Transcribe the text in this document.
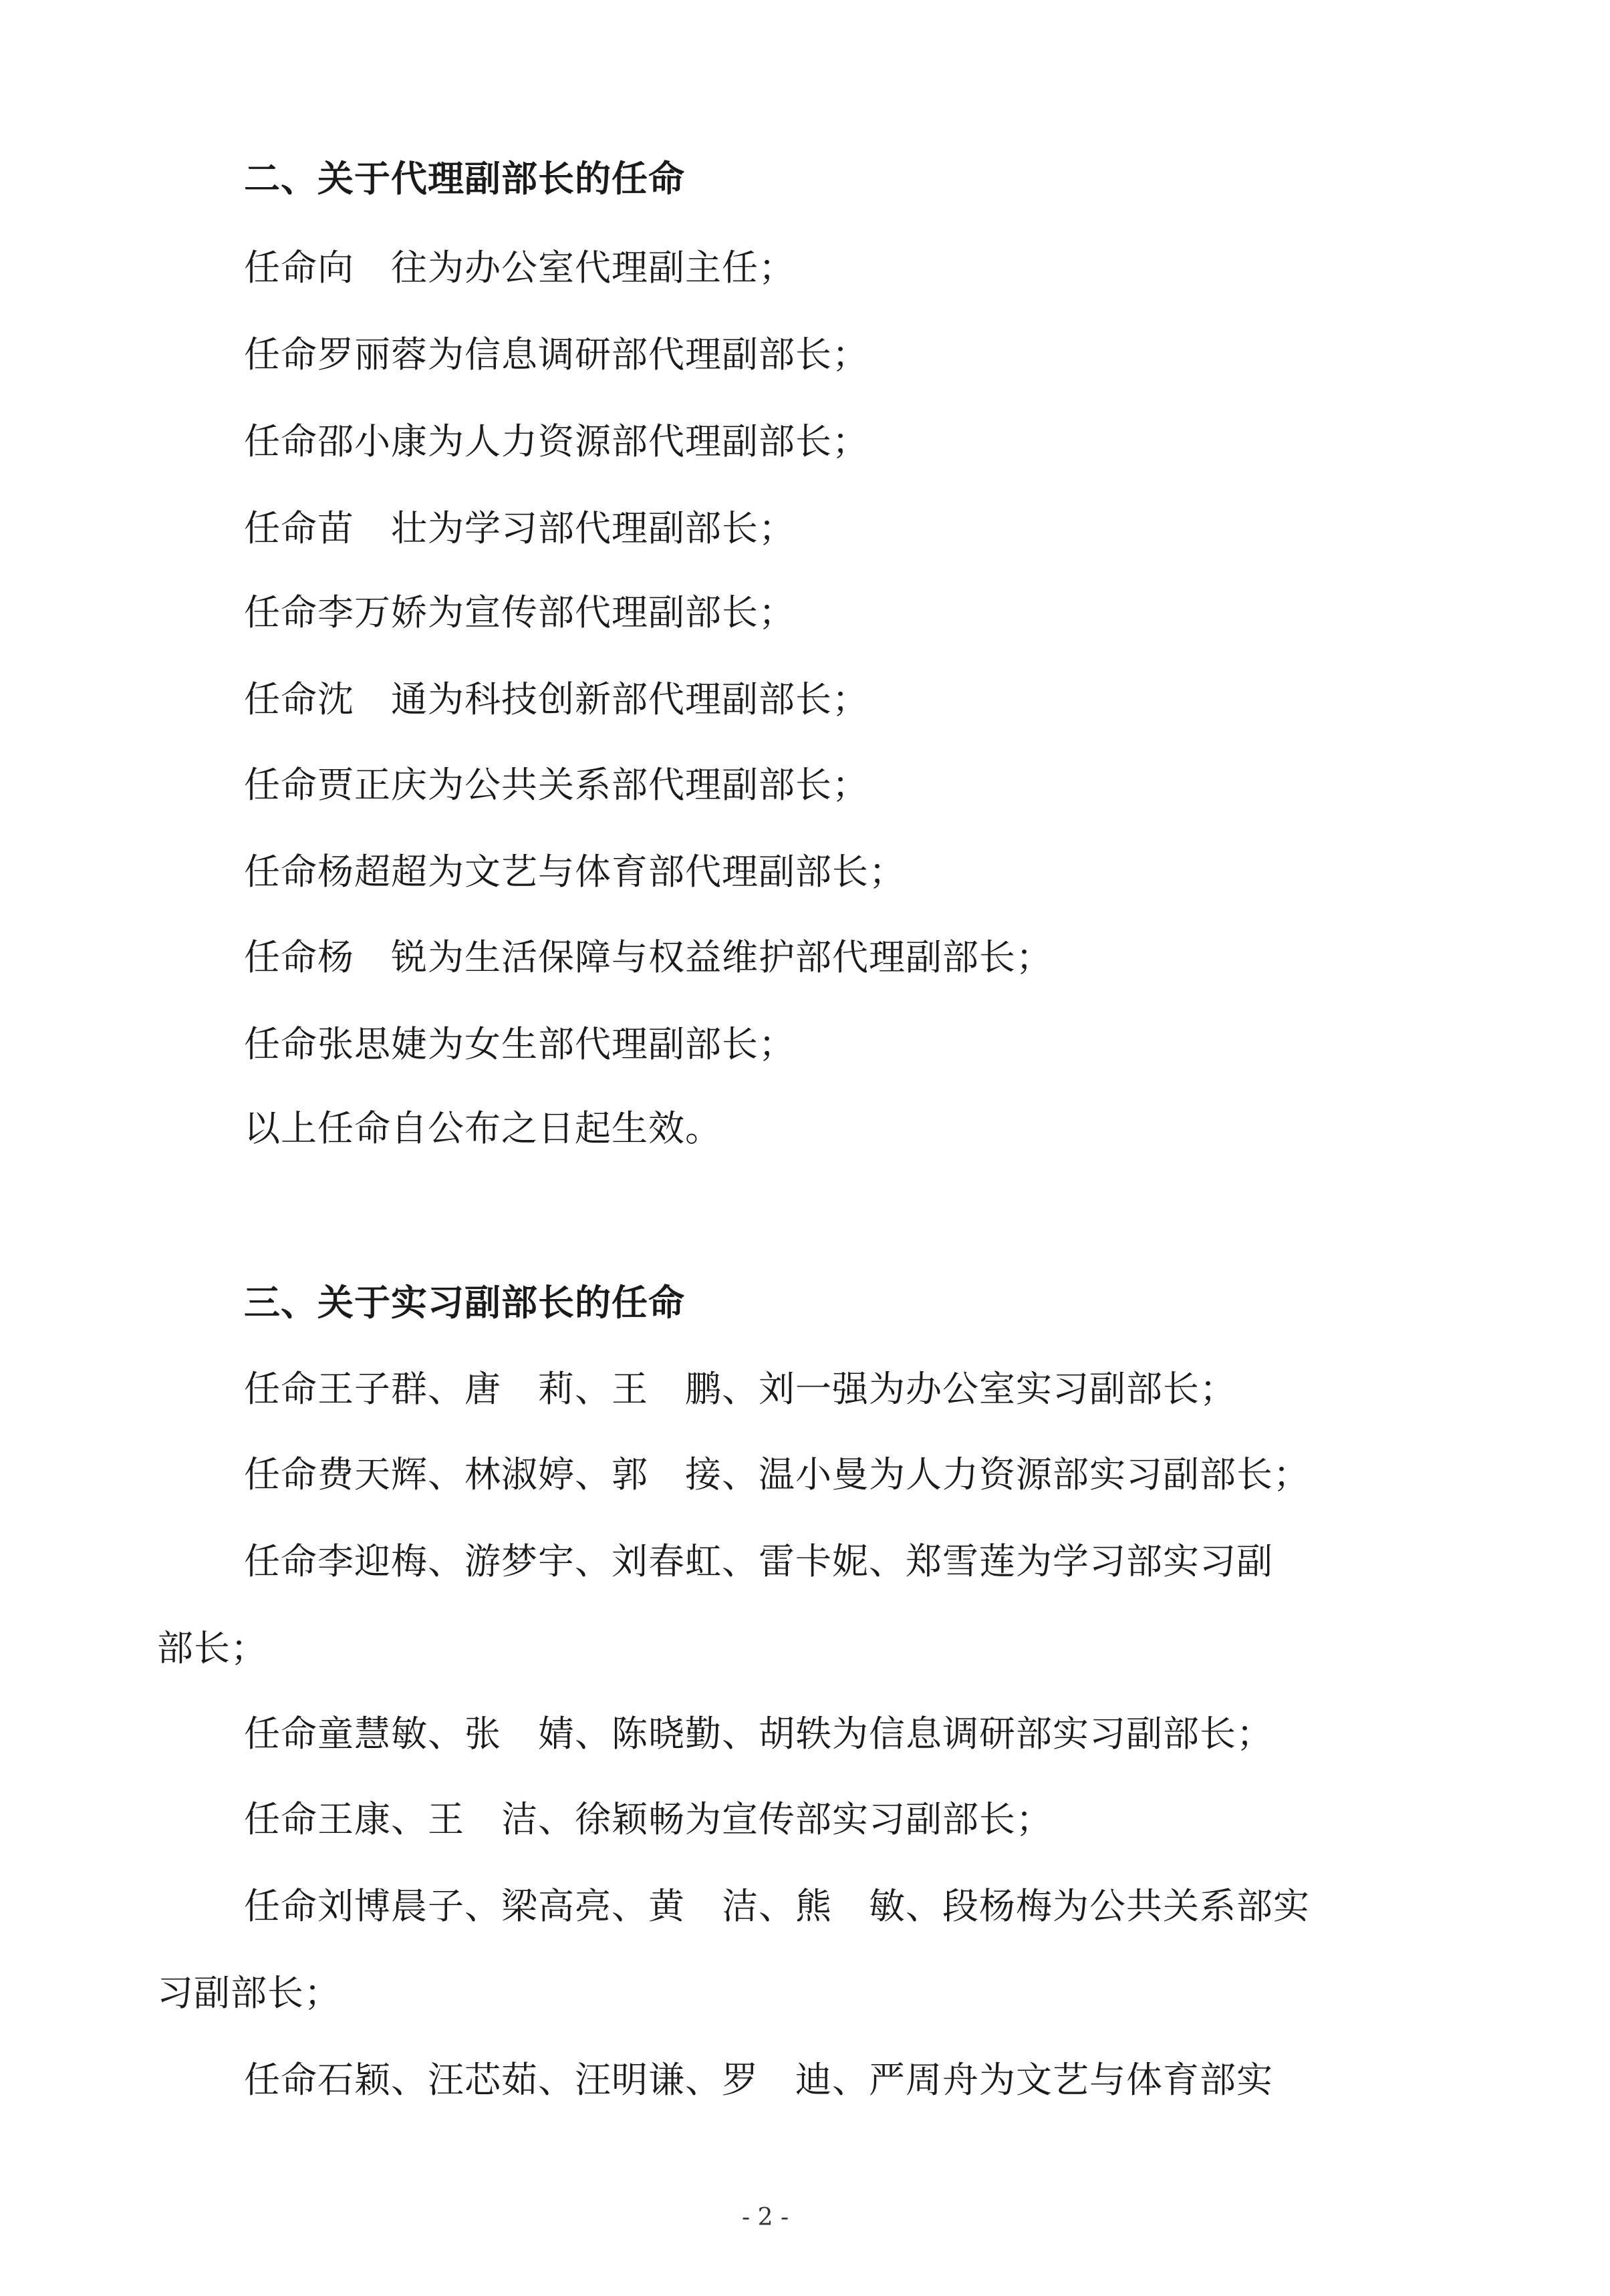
二、关于代理副部长的任命
任命向　往为办公室代理副主任；
任命罗丽蓉为信息调研部代理副部长；
任命邵小康为人力资源部代理副部长；
任命苗　壮为学习部代理副部长；
任命李万娇为宣传部代理副部长；
任命沈　通为科技创新部代理副部长；
任命贾正庆为公共关系部代理副部长；
任命杨超超为文艺与体育部代理副部长；
任命杨　锐为生活保障与权益维护部代理副部长；
任命张思婕为女生部代理副部长；
以上任命自公布之日起生效。
三、关于实习副部长的任命
任命王子群、唐　莉、王　鹏、刘一强为办公室实习副部长；
任命费天辉、林淑婷、郭　接、温小曼为人力资源部实习副部长；
任命李迎梅、游梦宇、刘春虹、雷卡妮、郑雪莲为学习部实习副
部长；
任命童慧敏、张　婧、陈晓勤、胡轶为信息调研部实习副部长；
任命王康、王　洁、徐颖畅为宣传部实习副部长；
任命刘博晨子、梁高亮、黄　洁、熊　敏、段杨梅为公共关系部实
习副部长；
任命石颖、汪芯茹、汪明谦、罗　迪、严周舟为文艺与体育部实
- 2 -
